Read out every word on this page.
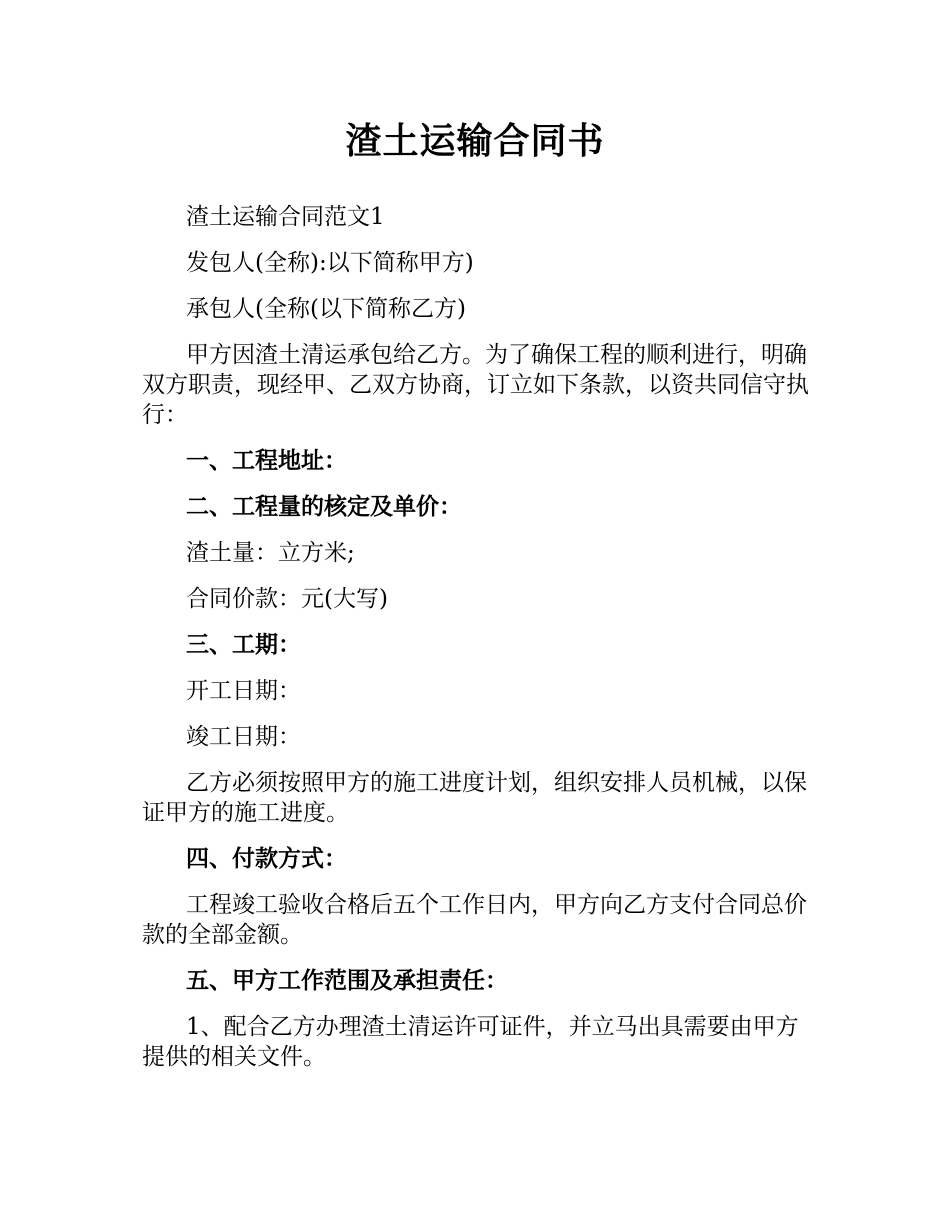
渣土运输合同书

渣土运输合同范文1

发包人(全称):以下简称甲方)

承包人(全称(以下简称乙方)

甲方因渣土清运承包给乙方。为了确保工程的顺利进行，明确双方职责，现经甲、乙双方协商，订立如下条款，以资共同信守执行：

一、工程地址：

二、工程量的核定及单价：

渣土量：立方米;

合同价款：元(大写)

三、工期：

开工日期：

竣工日期：

乙方必须按照甲方的施工进度计划，组织安排人员机械，以保证甲方的施工进度。

四、付款方式：

工程竣工验收合格后五个工作日内，甲方向乙方支付合同总价款的全部金额。

五、甲方工作范围及承担责任：

1、配合乙方办理渣土清运许可证件，并立马出具需要由甲方提供的相关文件。
